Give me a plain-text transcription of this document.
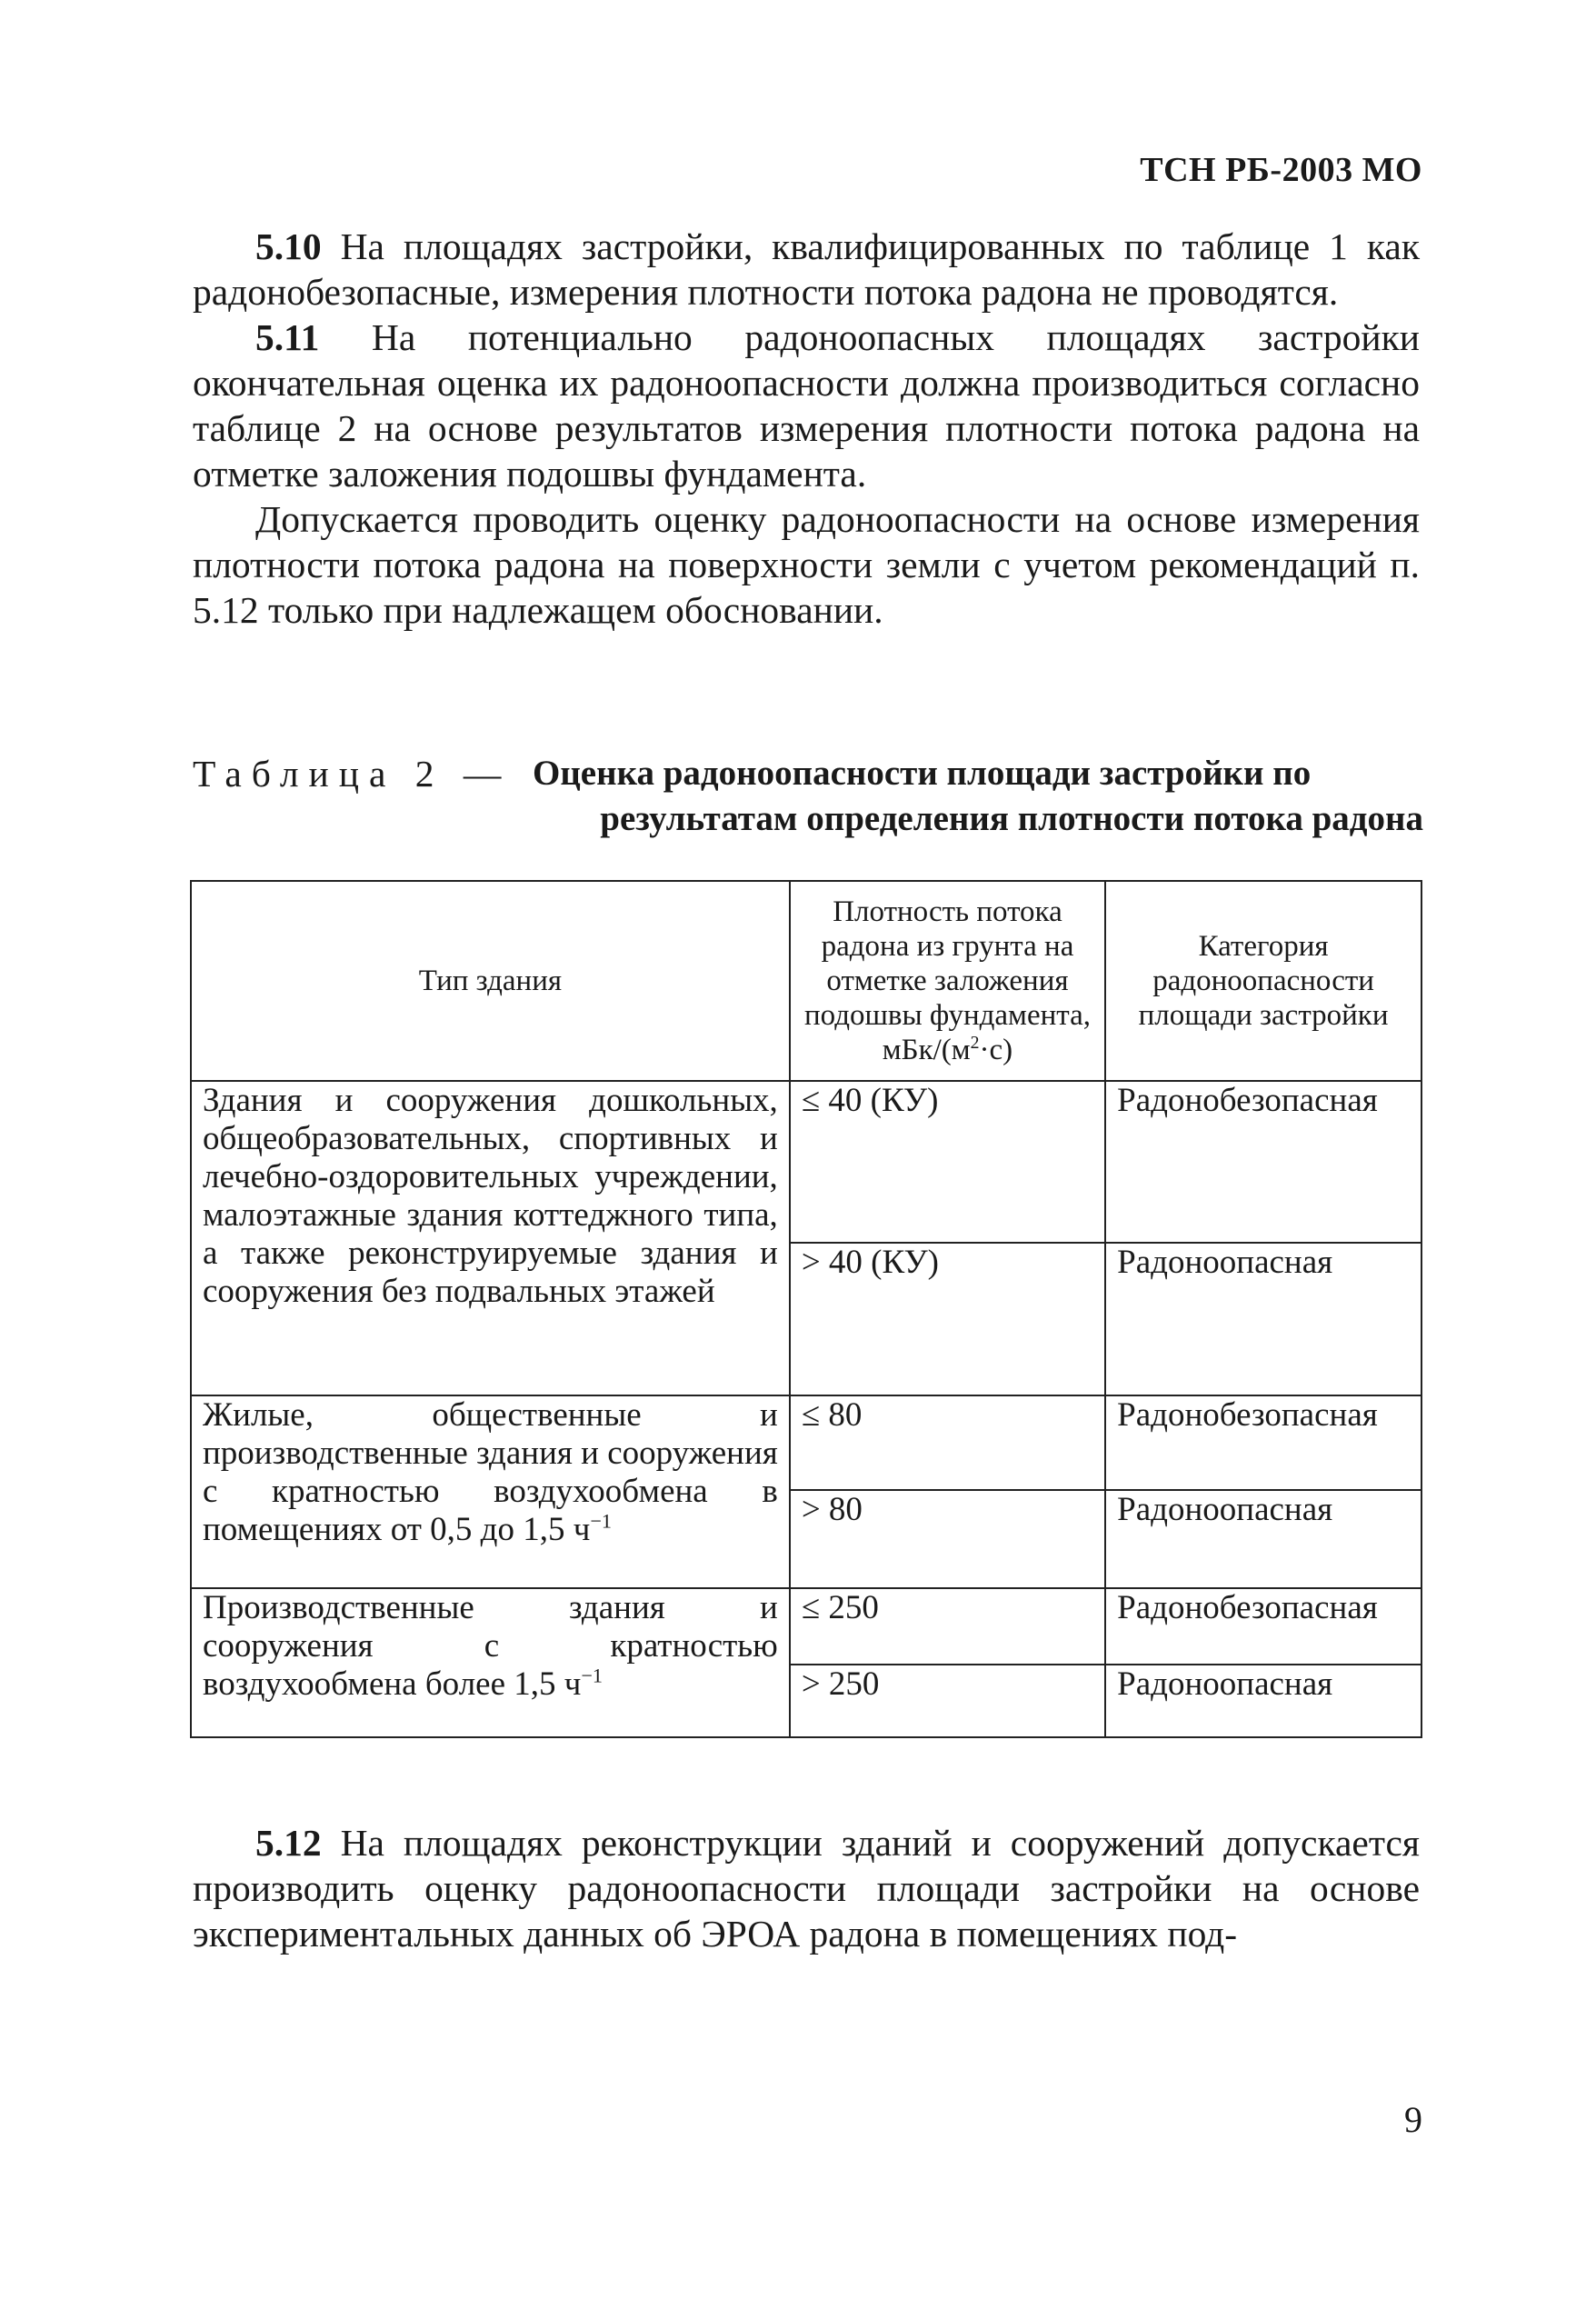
ТСН РБ-2003 МО

5.10 На площадях застройки, квалифицированных по таблице 1 как радонобезопасные, измерения плотности потока радона не проводятся.

5.11 На потенциально радоноопасных площадях застройки окончательная оценка их радоноопасности должна производиться согласно таблице 2 на основе результатов измерения плотности потока радона на отметке заложения подошвы фундамента.

Допускается проводить оценку радоноопасности на основе измерения плотности потока радона на поверхности земли с учетом рекомендаций п. 5.12 только при надлежащем обосновании.

Таблица 2 — Оценка радоноопасности площади застройки по
результатам определения плотности потока радона
Тип здания	Плотность потока радона из грунта на отметке заложения подошвы фундамента, мБк/$(м^2\cdot с)$	Категория радоноопасности площади застройки
Здания и сооружения дошкольных, общеобразовательных, спортивных и лечебно-оздоровительных учреждении, малоэтажные здания коттеджного типа, а также реконструируемые здания и сооружения без подвальных этажей	≤ 40 (КУ)	Радонобезопасная
	> 40 (КУ)	Радоноопасная
Жилые, общественные и производственные здания и сооружения с кратностью воздухообмена в помещениях от 0,5 до 1,5 $ч^{-1}$	≤ 80	Радонобезопасная
	> 80	Радоноопасная
Производственные здания и сооружения с кратностью воздухообмена более 1,5 $ч^{-1}$	≤ 250	Радонобезопасная
	> 250	Радоноопасная

5.12 На площадях реконструкции зданий и сооружений допускается производить оценку радоноопасности площади застройки на основе экспериментальных данных об ЭРОА радона в помещениях под-

9
